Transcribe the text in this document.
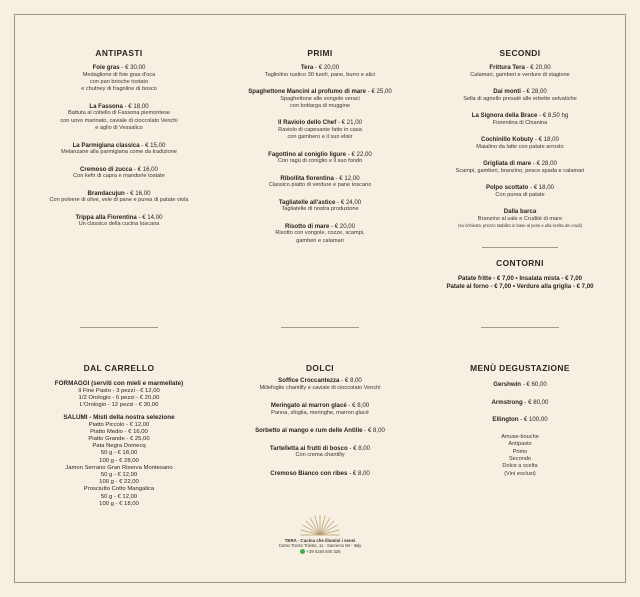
ANTIPASTI
Foie gras - € 30,00
Medaglione di foie gras d'oca
con pan brioche tostato
e chutney di fragoline di bosco
La Fassona - € 18,00
Battuta al coltello di Fassona piemontese
con uovo marinato, caviale di cioccolato Venchi
e aglio di Vessalico
La Parmigiana classica - € 15,00
Melanzane alla parmigiana come da tradizione
Cremoso di zucca - € 16,00
Con kefir di capra e mandorle tostate
Brandacujun - € 16,00
Con polvere di olive, vele di pane e purea di patate viola
Trippa alla Fiorentina - € 14,00
Un classico della cucina toscana
PRIMI
Tera - € 20,00
Tagliolino rustico 30 tuorli, pane, burro e alici
Spaghettone Mancini al profumo di mare - € 25,00
Spaghettone alle vongole veraci
con bottarga di muggine
Il Raviolo dello Chef - € 21,00
Raviolo di capesante fatto in casa
con gambero e il suo elisir
Fagottino al coniglio ligure - € 22,00
Con ragù di coniglio e il suo fondo
Ribollita fiorentina - € 12,00
Classico piatto di verdure e pane toscano
Tagliatelle all'astice - € 24,00
Tagliatelle di nostra produzione
Risotto di mare - € 20,00
Risotto con vongole, cozze, scampi,
gamberi e calamari
SECONDI
Frittura Tera - € 20,00
Calamari, gamberi e verdure di stagione
Dai monti - € 28,00
Sella di agnello presalé alle erbette selvatiche
La Signora della Brace - € 8,50 hg
Fiorentina di Chianina
Cochinillo Kobuty - € 18,00
Maialino da latte con patate arrosto
Grigliata di mare - € 28,00
Scampi, gamberi, branzino, pesce spada e calamari
Polpo scottato - € 18,00
Con purea di patate
Dalla barca
Branzino al sale e Crudité di mare
(su richiesta: prezzo stabilito in base al peso e alla scelta dei crudi)
CONTORNI
Patate fritte - € 7,00 • Insalata mista - € 7,00
Patate al forno - € 7,00 • Verdure alla griglia - € 7,00
DAL CARRELLO
FORMAGGI (serviti con mieli e marmellate)
Il Fine Pasto - 3 pezzi - € 12,00
1/2 Orologio - 6 pezzi - € 20,00
L'Orologio - 12 pezzi - € 30,00
SALUMI - Misti della nostra selezione
Piatto Piccolo - € 12,00
Piatto Medio - € 16,00
Piatto Grande - € 25,00
Pata Negra Domecq
50 g - € 18,00
100 g - € 28,00
Jamon Serrano Gran Riserva Montesano
50 g - € 12,00
100 g - € 22,00
Prosciutto Cotto Mangalica
50 g - € 12,00
100 g - € 18,00
DOLCI
Soffice Croccantezza - € 8,00
Millefoglie chantilly e caviale di cioccolato Venchi
Meringato al marron glacé - € 8,00
Panna, sfoglia, meringhe, marron glacé
Sorbetto al mango e rum delle Antille - € 8,00
Tartelletta ai frutti di bosco - € 8,00
Con crema chantilly
Cremoso Bianco con ribes - € 8,00
MENÙ DEGUSTAZIONE
Gershwin - € 60,00
Armstrong - € 80,00
Ellington - € 100,00
Amuse-bouche
Antipasto
Primo
Secondo
Dolce a scelta
(Vini esclusi)
TERA - Cucina che illumini i sensi
Corso Trento Trieste, 11 - Sanremo IM - Italy
+39 0184 840 326
